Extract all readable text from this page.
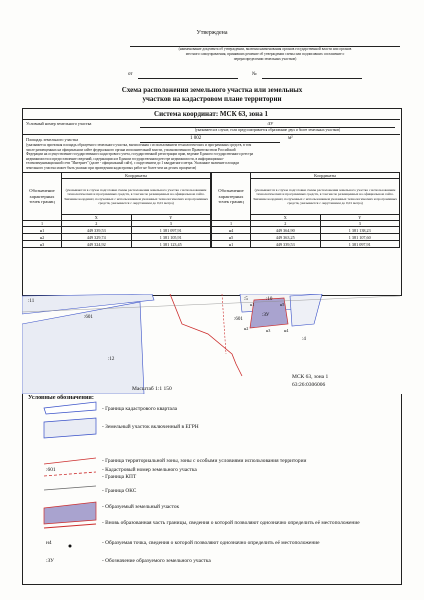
Утверждена
(наименование документа об утверждении, включая наименования органов государственной власти или органов
местного самоуправления, принявших решение об утверждении схемы или подписавших соглашение о
перераспределении земельных участков)
от	№
Схема расположения земельного участка или земельных
участков на кадастровом плане территории
Система координат: МСК 63, зона 1
Условный номер земельного участка	:ЗУ
(указывается в случае, если предусматривается образование двух и более земельных участков)
Площадь земельного участка	1 002	м²
(указывается проектная площадь образуемого земельного участка, вычисленная с использованием технологических и программных средств, в том
числе размещенных на официальном сайте федерального органа исполнительной власти, уполномоченного Правительством Российской
Федерации на осуществление государственного кадастрового учета, государственной регистрации прав, ведение Единого государственного реестра
недвижимости и предоставление сведений, содержащихся в Едином государственном реестре недвижимости, в информационно-
телекоммуникационной сети "Интернет" (далее - официальный сайт), с округлением до 1 квадратного метра. Указанное значение площади
земельного участка может быть указано при проведении кадастровых работ не более чем на десять процентов)
Обозначение характерных точек границ	Координаты	
	(указываются в случае подготовки схемы расположения земельного участка с использованием технологических и программных средств, в том числе размещенных на официальном сайте. Значение координат, полученных с использованием указанных технологических и программных средств, указывается с округлением до 0,01 метра)	
	X	Y
1	2	3
н1	449 339,53	1 381 097,91
н2	449 329,74	1 381 105,91
н3	449 324,92	1 381 123,45
Обозначение характерных точек границ	Координаты	
	(указываются в случае подготовки схемы расположения земельного участка с использованием технологических и программных средств, в том числе размещенных на официальном сайте. Значение координат, полученных с использованием указанных технологических и программных средств, указывается с округлением до 0,01 метра)	
	X	Y
1	2	3
н4	449 364,90	1 381 138,23
н5	449 363,25	1 381 107,60
н1	449 339,53	1 381 097,91
:11
:601
:12
:5	:10
:601
:ЗУ
н1	н5
н2	н4
н3
:4
Масштаб 1:1 150
МСК 63, зона 1
63:26:0306006
Условные обозначения:
:601
н4
:ЗУ
- Граница кадастрового квартала
- Земельный участок включенный в ЕГРН
- Кадастровый номер земельного участка
- Граница территориальной зоны, зоны с особыми условиями использования территории
- Граница КПТ
- Граница ОКС
- Образуемый земельный участок
- Вновь образованная часть границы, сведения о которой позволяют однозначно определить её местоположение
- Образуемая точка, сведения о которой позволяют однозначно определить её местоположение
- Обозначение образуемого земельного участка
